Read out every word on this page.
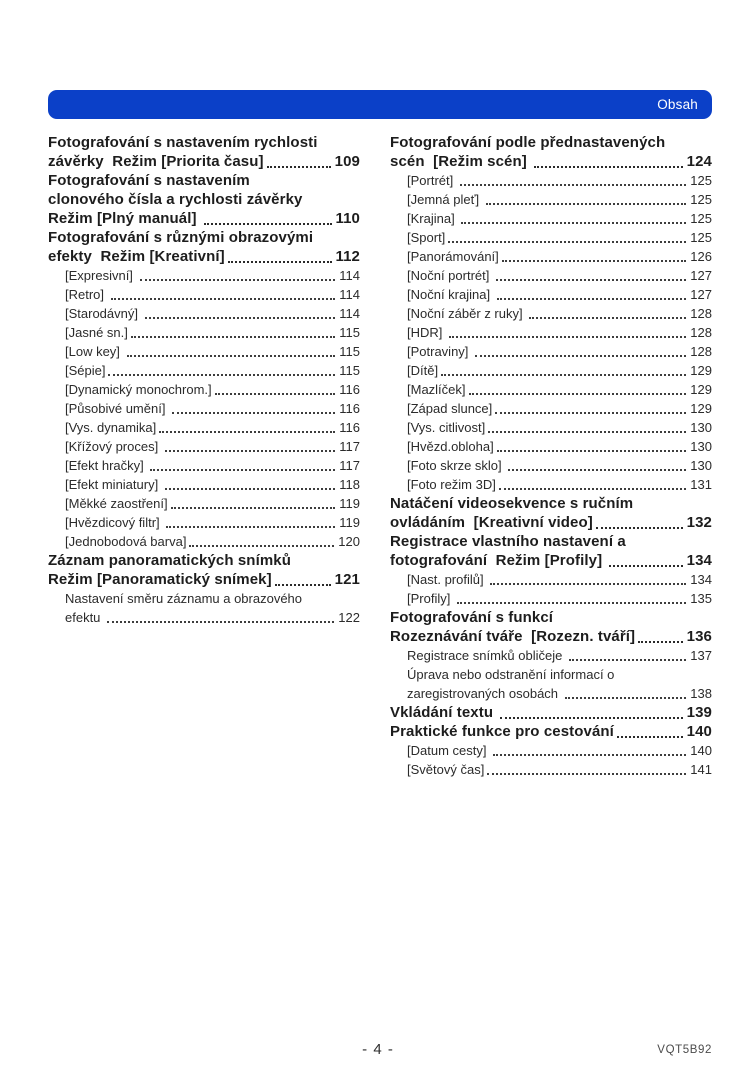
Obsah
Fotografování s nastavením rychlosti
závěrky  Režim [Priorita času]	109
Fotografování s nastavením
clonového čísla a rychlosti závěrky
Režim [Plný manuál]	110
Fotografování s různými obrazovými
efekty  Režim [Kreativní]	112
[Expresivní]	114
[Retro]	114
[Starodávný]	114
[Jasné sn.]	115
[Low key]	115
[Sépie]	115
[Dynamický monochrom.]	116
[Působivé umění]	116
[Vys. dynamika]	116
[Křížový proces]	117
[Efekt hračky]	117
[Efekt miniatury]	118
[Měkké zaostření]	119
[Hvězdicový filtr]	119
[Jednobodová barva]	120
Záznam panoramatických snímků
Režim [Panoramatický snímek]	121
Nastavení směru záznamu a obrazového
efektu	122
Fotografování podle přednastavených
scén  [Režim scén]	124
[Portrét]	125
[Jemná pleť]	125
[Krajina]	125
[Sport]	125
[Panorámování]	126
[Noční portrét]	127
[Noční krajina]	127
[Noční záběr z ruky]	128
[HDR]	128
[Potraviny]	128
[Dítě]	129
[Mazlíček]	129
[Západ slunce]	129
[Vys. citlivost]	130
[Hvězd.obloha]	130
[Foto skrze sklo]	130
[Foto režim 3D]	131
Natáčení videosekvence s ručním
ovládáním  [Kreativní video]	132
Registrace vlastního nastavení a
fotografování  Režim [Profily]	134
[Nast. profilů]	134
[Profily]	135
Fotografování s funkcí
Rozeznávání tváře  [Rozezn. tváří]	136
Registrace snímků obličeje	137
Úprava nebo odstranění informací o
zaregistrovaných osobách	138
Vkládání textu	139
Praktické funkce pro cestování	140
[Datum cesty]	140
[Světový čas]	141
- 4 -	VQT5B92
